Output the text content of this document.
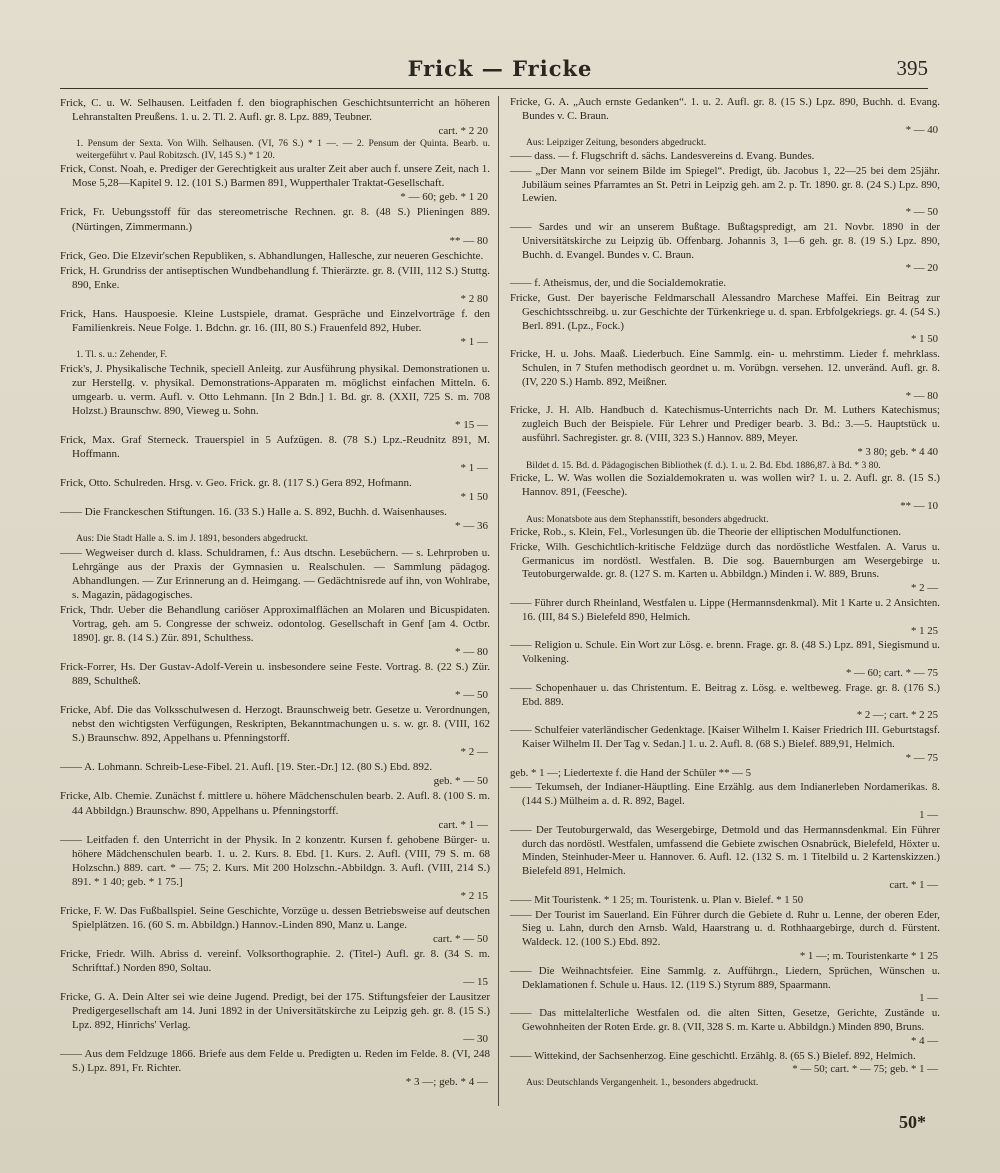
Frick — Fricke	395
Frick, C. u. W. Selhausen. Leitfaden f. den biographischen Geschichtsunterricht an höheren Lehranstalten Preußens. 1. u. 2. Tl. 2. Aufl. gr. 8. Lpz. 889, Teubner.
cart. * 2 20
1. Pensum der Sexta. Von Wilh. Selhausen. (VI, 76 S.) * 1 —. — 2. Pensum der Quinta. Bearb. u. weitergeführt v. Paul Robitzsch. (IV, 145 S.) * 1 20.
Frick, Const. Noah, e. Prediger der Gerechtigkeit aus uralter Zeit aber auch f. unsere Zeit, nach 1. Mose 5,28—Kapitel 9. 12. (101 S.) Barmen 891, Wupperthaler Traktat-Gesellschaft.
* — 60; geb. * 1 20
Frick, Fr. Uebungsstoff für das stereometrische Rechnen. gr. 8. (48 S.) Plieningen 889. (Nürtingen, Zimmermann.)
** — 80
Frick, Geo. Die Elzevir'schen Republiken, s. Abhandlungen, Hallesche, zur neueren Geschichte.
Frick, H. Grundriss der antiseptischen Wundbehandlung f. Thierärzte. gr. 8. (VIII, 112 S.) Stuttg. 890, Enke.
* 2 80
Frick, Hans. Hauspoesie. Kleine Lustspiele, dramat. Gespräche und Einzelvorträge f. den Familienkreis. Neue Folge. 1. Bdchn. gr. 16. (III, 80 S.) Frauenfeld 892, Huber.
* 1 —
1. Tl. s. u.: Zehender, F.
Frick's, J. Physikalische Technik, speciell Anleitg. zur Ausführung physikal. Demonstrationen u. zur Herstellg. v. physikal. Demonstrations-Apparaten m. möglichst einfachen Mitteln. 6. umgearb. u. verm. Aufl. v. Otto Lehmann. [In 2 Bdn.] 1. Bd. gr. 8. (XXII, 725 S. m. 708 Holzst.) Braunschw. 890, Vieweg u. Sohn.
* 15 —
Frick, Max. Graf Sterneck. Trauerspiel in 5 Aufzügen. 8. (78 S.) Lpz.-Reudnitz 891, M. Hoffmann.
* 1 —
Frick, Otto. Schulreden. Hrsg. v. Geo. Frick. gr. 8. (117 S.) Gera 892, Hofmann.
* 1 50
—— Die Franckeschen Stiftungen. 16. (33 S.) Halle a. S. 892, Buchh. d. Waisenhauses.
* — 36
Aus: Die Stadt Halle a. S. im J. 1891, besonders abgedruckt.
—— Wegweiser durch d. klass. Schuldramen, f.: Aus dtschn. Lesebüchern. — s. Lehrproben u. Lehrgänge aus der Praxis der Gymnasien u. Realschulen. — Sammlung pädagog. Abhandlungen. — Zur Erinnerung an d. Heimgang. — Gedächtnisrede auf ihn, von Wohlrabe, s. Magazin, pädagogisches.
Frick, Thdr. Ueber die Behandlung cariöser Approximalflächen an Molaren und Bicuspidaten. Vortrag, geh. am 5. Congresse der schweiz. odontolog. Gesellschaft in Genf [am 4. Octbr. 1890]. gr. 8. (14 S.) Zür. 891, Schulthess.
* — 80
Frick-Forrer, Hs. Der Gustav-Adolf-Verein u. insbesondere seine Feste. Vortrag. 8. (22 S.) Zür. 889, Schultheß.
* — 50
Fricke, Abf. Die das Volksschulwesen d. Herzogt. Braunschweig betr. Gesetze u. Verordnungen, nebst den wichtigsten Verfügungen, Reskripten, Bekanntmachungen u. s. w. gr. 8. (VIII, 162 S.) Braunschw. 892, Appelhans u. Pfenningstorff.
* 2 —
—— A. Lohmann. Schreib-Lese-Fibel. 21. Aufl. [19. Ster.-Dr.] 12. (80 S.) Ebd. 892.
geb. * — 50
Fricke, Alb. Chemie. Zunächst f. mittlere u. höhere Mädchenschulen bearb. 2. Aufl. 8. (100 S. m. 44 Abbildgn.) Braunschw. 890, Appelhans u. Pfenningstorff.
cart. * 1 —
—— Leitfaden f. den Unterricht in der Physik. In 2 konzentr. Kursen f. gehobene Bürger- u. höhere Mädchenschulen bearb. 1. u. 2. Kurs. 8. Ebd. [1. Kurs. 2. Aufl. (VIII, 79 S. m. 68 Holzschn.) 889. cart. * — 75; 2. Kurs. Mit 200 Holzschn.-Abbildgn. 3. Aufl. (VIII, 214 S.) 891. * 1 40; geb. * 1 75.]
* 2 15
Fricke, F. W. Das Fußballspiel. Seine Geschichte, Vorzüge u. dessen Betriebsweise auf deutschen Spielplätzen. 16. (60 S. m. Abbildgn.) Hannov.-Linden 890, Manz u. Lange.
cart. * — 50
Fricke, Friedr. Wilh. Abriss d. vereinf. Volksorthographie. 2. (Titel-) Aufl. gr. 8. (34 S. m. Schrifttaf.) Norden 890, Soltau.
— 15
Fricke, G. A. Dein Alter sei wie deine Jugend. Predigt, bei der 175. Stiftungsfeier der Lausitzer Predigergesellschaft am 14. Juni 1892 in der Universitätskirche zu Leipzig geh. gr. 8. (15 S.) Lpz. 892, Hinrichs' Verlag.
— 30
—— Aus dem Feldzuge 1866. Briefe aus dem Felde u. Predigten u. Reden im Felde. 8. (VI, 248 S.) Lpz. 891, Fr. Richter.
* 3 —; geb. * 4 —
Fricke, G. A. „Auch ernste Gedanken“. 1. u. 2. Aufl. gr. 8. (15 S.) Lpz. 890, Buchh. d. Evang. Bundes v. C. Braun.
* — 40
Aus: Leipziger Zeitung, besonders abgedruckt.
—— dass. — f. Flugschrift d. sächs. Landesvereins d. Evang. Bundes.
—— „Der Mann vor seinem Bilde im Spiegel“. Predigt, üb. Jacobus 1, 22—25 bei dem 25jähr. Jubiläum seines Pfarramtes an St. Petri in Leipzig geh. am 2. p. Tr. 1890. gr. 8. (24 S.) Lpz. 890, Lewien.
* — 50
—— Sardes und wir an unserem Bußtage. Bußtagspredigt, am 21. Novbr. 1890 in der Universitätskirche zu Leipzig üb. Offenbarg. Johannis 3, 1—6 geh. gr. 8. (19 S.) Lpz. 890, Buchh. d. Evangel. Bundes v. C. Braun.
* — 20
—— f. Atheismus, der, und die Socialdemokratie.
Fricke, Gust. Der bayerische Feldmarschall Alessandro Marchese Maffei. Ein Beitrag zur Geschichtsschreibg. u. zur Geschichte der Türkenkriege u. d. span. Erbfolgekriegs. gr. 4. (54 S.) Berl. 891. (Lpz., Fock.)
* 1 50
Fricke, H. u. Johs. Maaß. Liederbuch. Eine Sammlg. ein- u. mehrstimm. Lieder f. mehrklass. Schulen, in 7 Stufen methodisch geordnet u. m. Vorübgn. versehen. 12. unveränd. Aufl. gr. 8. (IV, 220 S.) Hamb. 892, Meißner.
* — 80
Fricke, J. H. Alb. Handbuch d. Katechismus-Unterrichts nach Dr. M. Luthers Katechismus; zugleich Buch der Beispiele. Für Lehrer und Prediger bearb. 3. Bd.: 3.—5. Hauptstück u. ausführl. Sachregister. gr. 8. (VIII, 323 S.) Hannov. 889, Meyer.
* 3 80; geb. * 4 40
Bildet d. 15. Bd. d. Pädagogischen Bibliothek (f. d.). 1. u. 2. Bd. Ebd. 1886,87. à Bd. * 3 80.
Fricke, L. W. Was wollen die Sozialdemokraten u. was wollen wir? 1. u. 2. Aufl. gr. 8. (15 S.) Hannov. 891, (Feesche).
** — 10
Aus: Monatsbote aus dem Stephansstift, besonders abgedruckt.
Fricke, Rob., s. Klein, Fel., Vorlesungen üb. die Theorie der elliptischen Modulfunctionen.
Fricke, Wilh. Geschichtlich-kritische Feldzüge durch das nordöstliche Westfalen. A. Varus u. Germanicus im nordöstl. Westfalen. B. Die sog. Bauernburgen am Wesergebirge u. Teutoburgerwalde. gr. 8. (127 S. m. Karten u. Abbildgn.) Minden i. W. 889, Bruns.
* 2 —
—— Führer durch Rheinland, Westfalen u. Lippe (Hermannsdenkmal). Mit 1 Karte u. 2 Ansichten. 16. (III, 84 S.) Bielefeld 890, Helmich.
* 1 25
—— Religion u. Schule. Ein Wort zur Lösg. e. brenn. Frage. gr. 8. (48 S.) Lpz. 891, Siegismund u. Volkening.
* — 60; cart. * — 75
—— Schopenhauer u. das Christentum. E. Beitrag z. Lösg. e. weltbeweg. Frage. gr. 8. (176 S.) Ebd. 889.
* 2 —; cart. * 2 25
—— Schulfeier vaterländischer Gedenktage. [Kaiser Wilhelm I. Kaiser Friedrich III. Geburtstagsf. Kaiser Wilhelm II. Der Tag v. Sedan.] 1. u. 2. Aufl. 8. (68 S.) Bielef. 889,91, Helmich.
* — 75
geb. * 1 —; Liedertexte f. die Hand der Schüler ** — 5
—— Tekumseh, der Indianer-Häuptling. Eine Erzählg. aus dem Indianerleben Nordamerikas. 8. (144 S.) Mülheim a. d. R. 892, Bagel.
1 —
—— Der Teutoburgerwald, das Wesergebirge, Detmold und das Hermannsdenkmal. Ein Führer durch das nordöstl. Westfalen, umfassend die Gebiete zwischen Osnabrück, Bielefeld, Höxter u. Minden, Steinhuder-Meer u. Hannover. 6. Aufl. 12. (132 S. m. 1 Titelbild u. 2 Kartenskizzen.) Bielefeld 891, Helmich.
cart. * 1 —
—— Mit Touristenk. * 1 25; m. Touristenk. u. Plan v. Bielef. * 1 50
—— Der Tourist im Sauerland. Ein Führer durch die Gebiete d. Ruhr u. Lenne, der oberen Eder, Sieg u. Lahn, durch den Arnsb. Wald, Haarstrang u. d. Rothhaargebirge, durch d. Fürstent. Waldeck. 12. (100 S.) Ebd. 892.
* 1 —; m. Touristenkarte * 1 25
—— Die Weihnachtsfeier. Eine Sammlg. z. Aufführgn., Liedern, Sprüchen, Wünschen u. Deklamationen f. Schule u. Haus. 12. (119 S.) Styrum 889, Spaarmann.
1 —
—— Das mittelalterliche Westfalen od. die alten Sitten, Gesetze, Gerichte, Zustände u. Gewohnheiten der Roten Erde. gr. 8. (VII, 328 S. m. Karte u. Abbildgn.) Minden 890, Bruns.
* 4 —
—— Wittekind, der Sachsenherzog. Eine geschichtl. Erzählg. 8. (65 S.) Bielef. 892, Helmich.
* — 50; cart. * — 75; geb. * 1 —
Aus: Deutschlands Vergangenheit. 1., besonders abgedruckt.
50*
